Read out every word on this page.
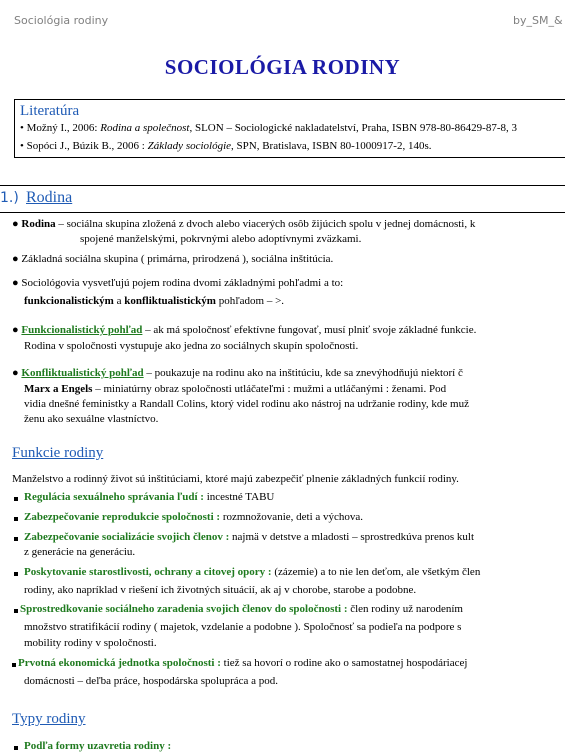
Sociológia rodiny	by_SM_&
SOCIOLÓGIA RODINY
Literatúra
• Možný I., 2006: Rodina a společnost, SLON – Sociologické nakladatelství, Praha, ISBN 978-80-86429-87-8, 3
• Sopóci J., Búzik B., 2006 : Základy sociológie, SPN, Bratislava, ISBN 80-1000917-2, 140s.
1.) Rodina
● Rodina – sociálna skupina zložená z dvoch alebo viacerých osôb žijúcich spolu v jednej domácnosti, k
spojené manželskými, pokrvnými alebo adoptívnymi zväzkami.
● Základná sociálna skupina ( primárna, prirodzená ), sociálna inštitúcia.
● Sociológovia vysvetľujú pojem rodina dvomi základnými pohľadmi a to:
funkcionalistickým a konfliktualistickým pohľadom – >.
● Funkcionalistický pohľad – ak má spoločnosť efektívne fungovať, musí plniť svoje základné funkcie.
Rodina v spoločnosti vystupuje ako jedna zo sociálnych skupín spoločnosti.
● Konfliktualistický pohľad – poukazuje na rodinu ako na inštitúciu, kde sa znevýhodňujú niektorí č
Marx a Engels – miniatúrny obraz spoločnosti utláčateľmi : mužmi a utláčanými : ženami. Pod
vidia dnešné feministky a Randall Colins, ktorý videl rodinu ako nástroj na udržanie rodiny, kde muž
ženu ako sexuálne vlastníctvo.
Funkcie rodiny
Manželstvo a rodinný život sú inštitúciami, ktoré majú zabezpečiť plnenie základných funkcií rodiny.
Regulácia sexuálneho správania ľudí : incestné TABU
Zabezpečovanie reprodukcie spoločnosti : rozmnožovanie, deti a výchova.
Zabezpečovanie socializácie svojich členov : najmä v detstve a mladosti – sprostredkúva prenos kult
z generácie na generáciu.
Poskytovanie starostlivosti, ochrany a citovej opory : (zázemie) a to nie len deťom, ale všetkým člen
rodiny, ako napríklad v riešení ich životných situácií, ak aj v chorobe, starobe a podobne.
Sprostredkovanie sociálneho zaradenia svojich členov do spoločnosti : člen rodiny už narodením
množstvo stratifikácií rodiny ( majetok, vzdelanie a podobne ). Spoločnosť sa podieľa na podpore s
mobility rodiny v spoločnosti.
Prvotná ekonomická jednotka spoločnosti : tiež sa hovorí o rodine ako o samostatnej hospodáriacej
domácnosti – deľba práce, hospodárska spolupráca a pod.
Typy rodiny
Podľa formy uzavretia rodiny :
